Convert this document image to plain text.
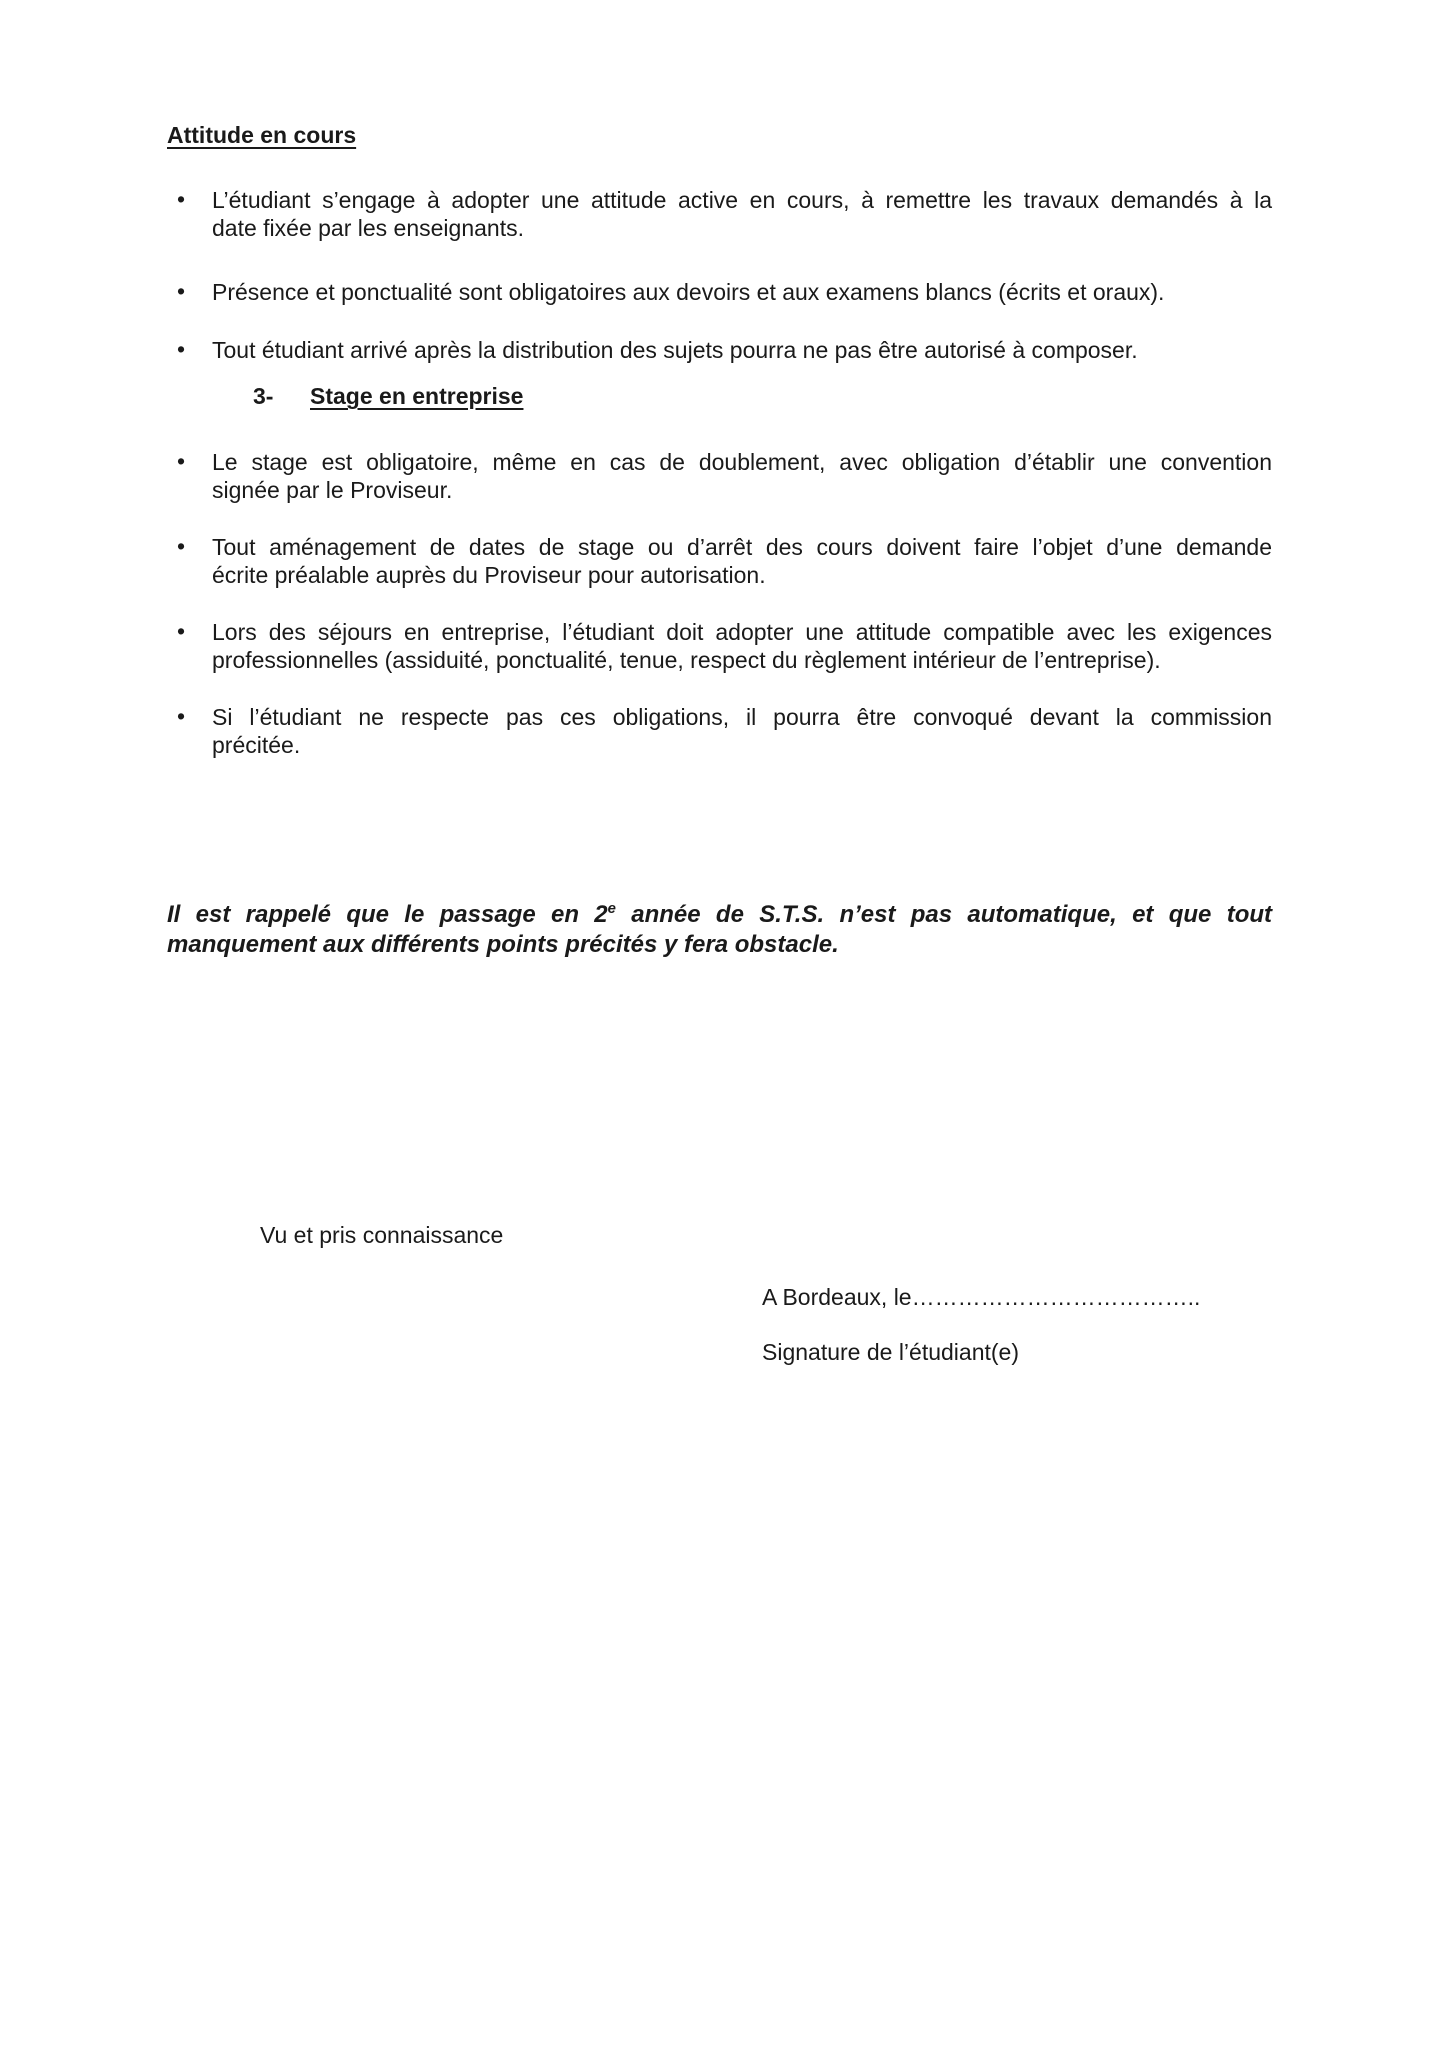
Attitude en cours
• L’étudiant s’engage à adopter une attitude active en cours, à remettre les travaux demandés à la
date fixée par les enseignants.
• Présence et ponctualité sont obligatoires aux devoirs et aux examens blancs (écrits et oraux).
• Tout étudiant arrivé après la distribution des sujets pourra ne pas être autorisé à composer.
3- Stage en entreprise
• Le stage est obligatoire, même en cas de doublement, avec obligation d’établir une convention
signée par le Proviseur.
• Tout aménagement de dates de stage ou d’arrêt des cours doivent faire l’objet d’une demande
écrite préalable auprès du Proviseur pour autorisation.
• Lors des séjours en entreprise, l’étudiant doit adopter une attitude compatible avec les exigences
professionnelles (assiduité, ponctualité, tenue, respect du règlement intérieur de l’entreprise).
• Si l’étudiant ne respecte pas ces obligations, il pourra être convoqué devant la commission
précitée.
Il est rappelé que le passage en 2e année de S.T.S. n’est pas automatique, et que tout
manquement aux différents points précités y fera obstacle.
Vu et pris connaissance
A Bordeaux, le………………………………..
Signature de l’étudiant(e)
